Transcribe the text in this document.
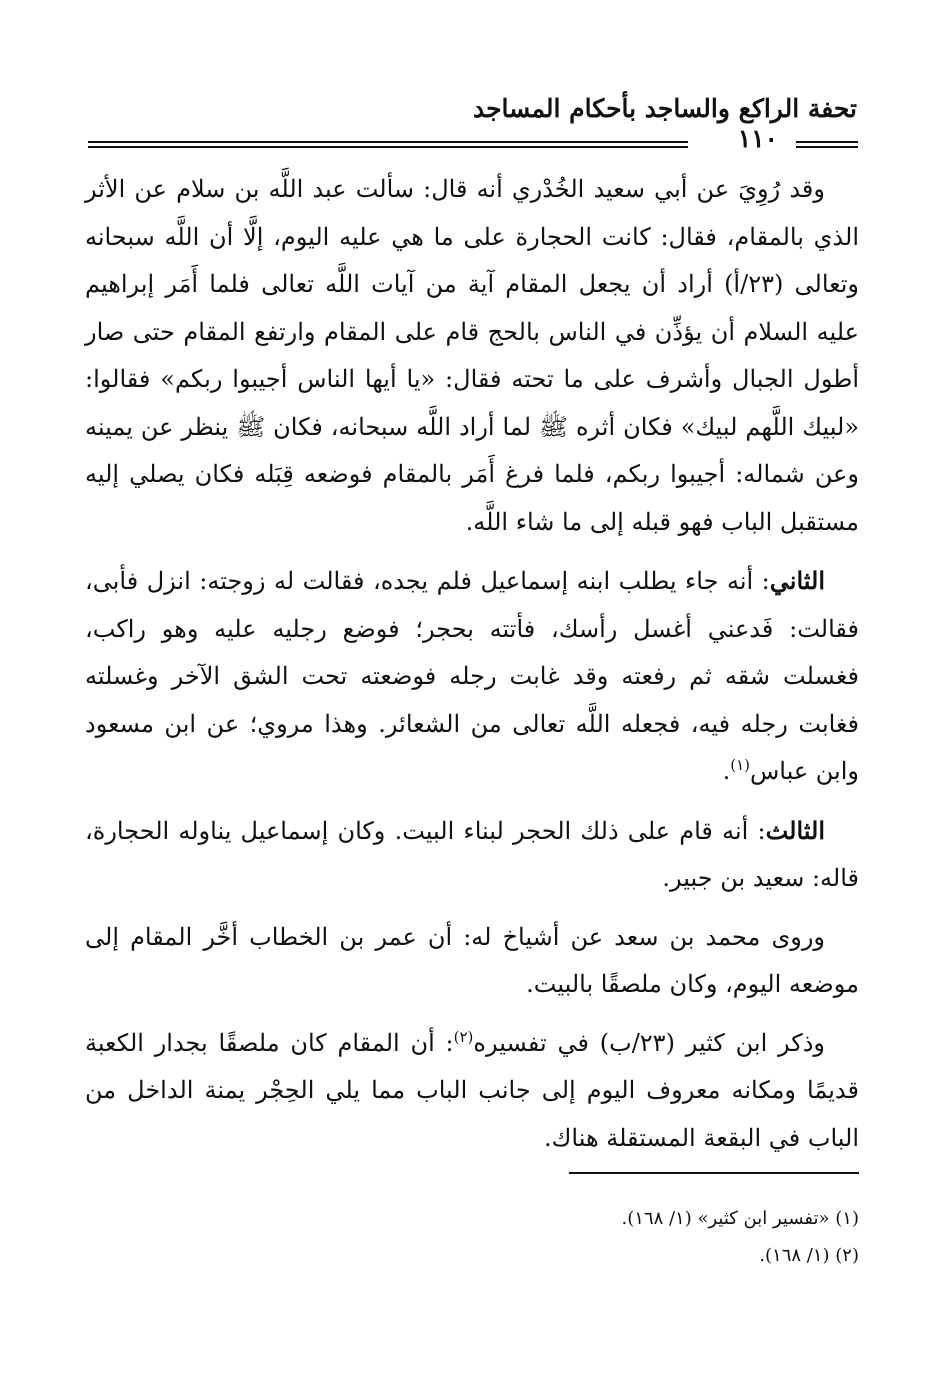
تحفة الراكع والساجد بأحكام المساجد
١١٠

وقد رُوِيَ عن أبي سعيد الخُدْري أنه قال: سألت عبد اللَّه بن سلام عن الأثر الذي بالمقام، فقال: كانت الحجارة على ما هي عليه اليوم، إلَّا أن اللَّه سبحانه وتعالى (٢٣/أ) أراد أن يجعل المقام آية من آيات اللَّه تعالى فلما أَمَر إبراهيم عليه السلام أن يؤذِّن في الناس بالحج قام على المقام وارتفع المقام حتى صار أطول الجبال وأشرف على ما تحته فقال: «يا أيها الناس أجيبوا ربكم» فقالوا: «لبيك اللَّهم لبيك» فكان أثره ﷺ لما أراد اللَّه سبحانه، فكان ﷺ ينظر عن يمينه وعن شماله: أجيبوا ربكم، فلما فرغ أَمَر بالمقام فوضعه قِبَله فكان يصلي إليه مستقبل الباب فهو قبله إلى ما شاء اللَّه.

الثاني: أنه جاء يطلب ابنه إسماعيل فلم يجده، فقالت له زوجته: انزل فأبى، فقالت: فَدعني أغسل رأسك، فأتته بحجر؛ فوضع رجليه عليه وهو راكب، فغسلت شقه ثم رفعته وقد غابت رجله فوضعته تحت الشق الآخر وغسلته فغابت رجله فيه، فجعله اللَّه تعالى من الشعائر. وهذا مروي؛ عن ابن مسعود وابن عباس$^{(١)}$.

الثالث: أنه قام على ذلك الحجر لبناء البيت. وكان إسماعيل يناوله الحجارة، قاله: سعيد بن جبير.

وروى محمد بن سعد عن أشياخ له: أن عمر بن الخطاب أخَّر المقام إلى موضعه اليوم، وكان ملصقًا بالبيت.

وذكر ابن كثير (٢٣/ب) في تفسيره$^{(٢)}$: أن المقام كان ملصقًا بجدار الكعبة قديمًا ومكانه معروف اليوم إلى جانب الباب مما يلي الحِجْر يمنة الداخل من الباب في البقعة المستقلة هناك.

(١) «تفسير ابن كثير» (١/ ١٦٨).

(٢) (١/ ١٦٨).
